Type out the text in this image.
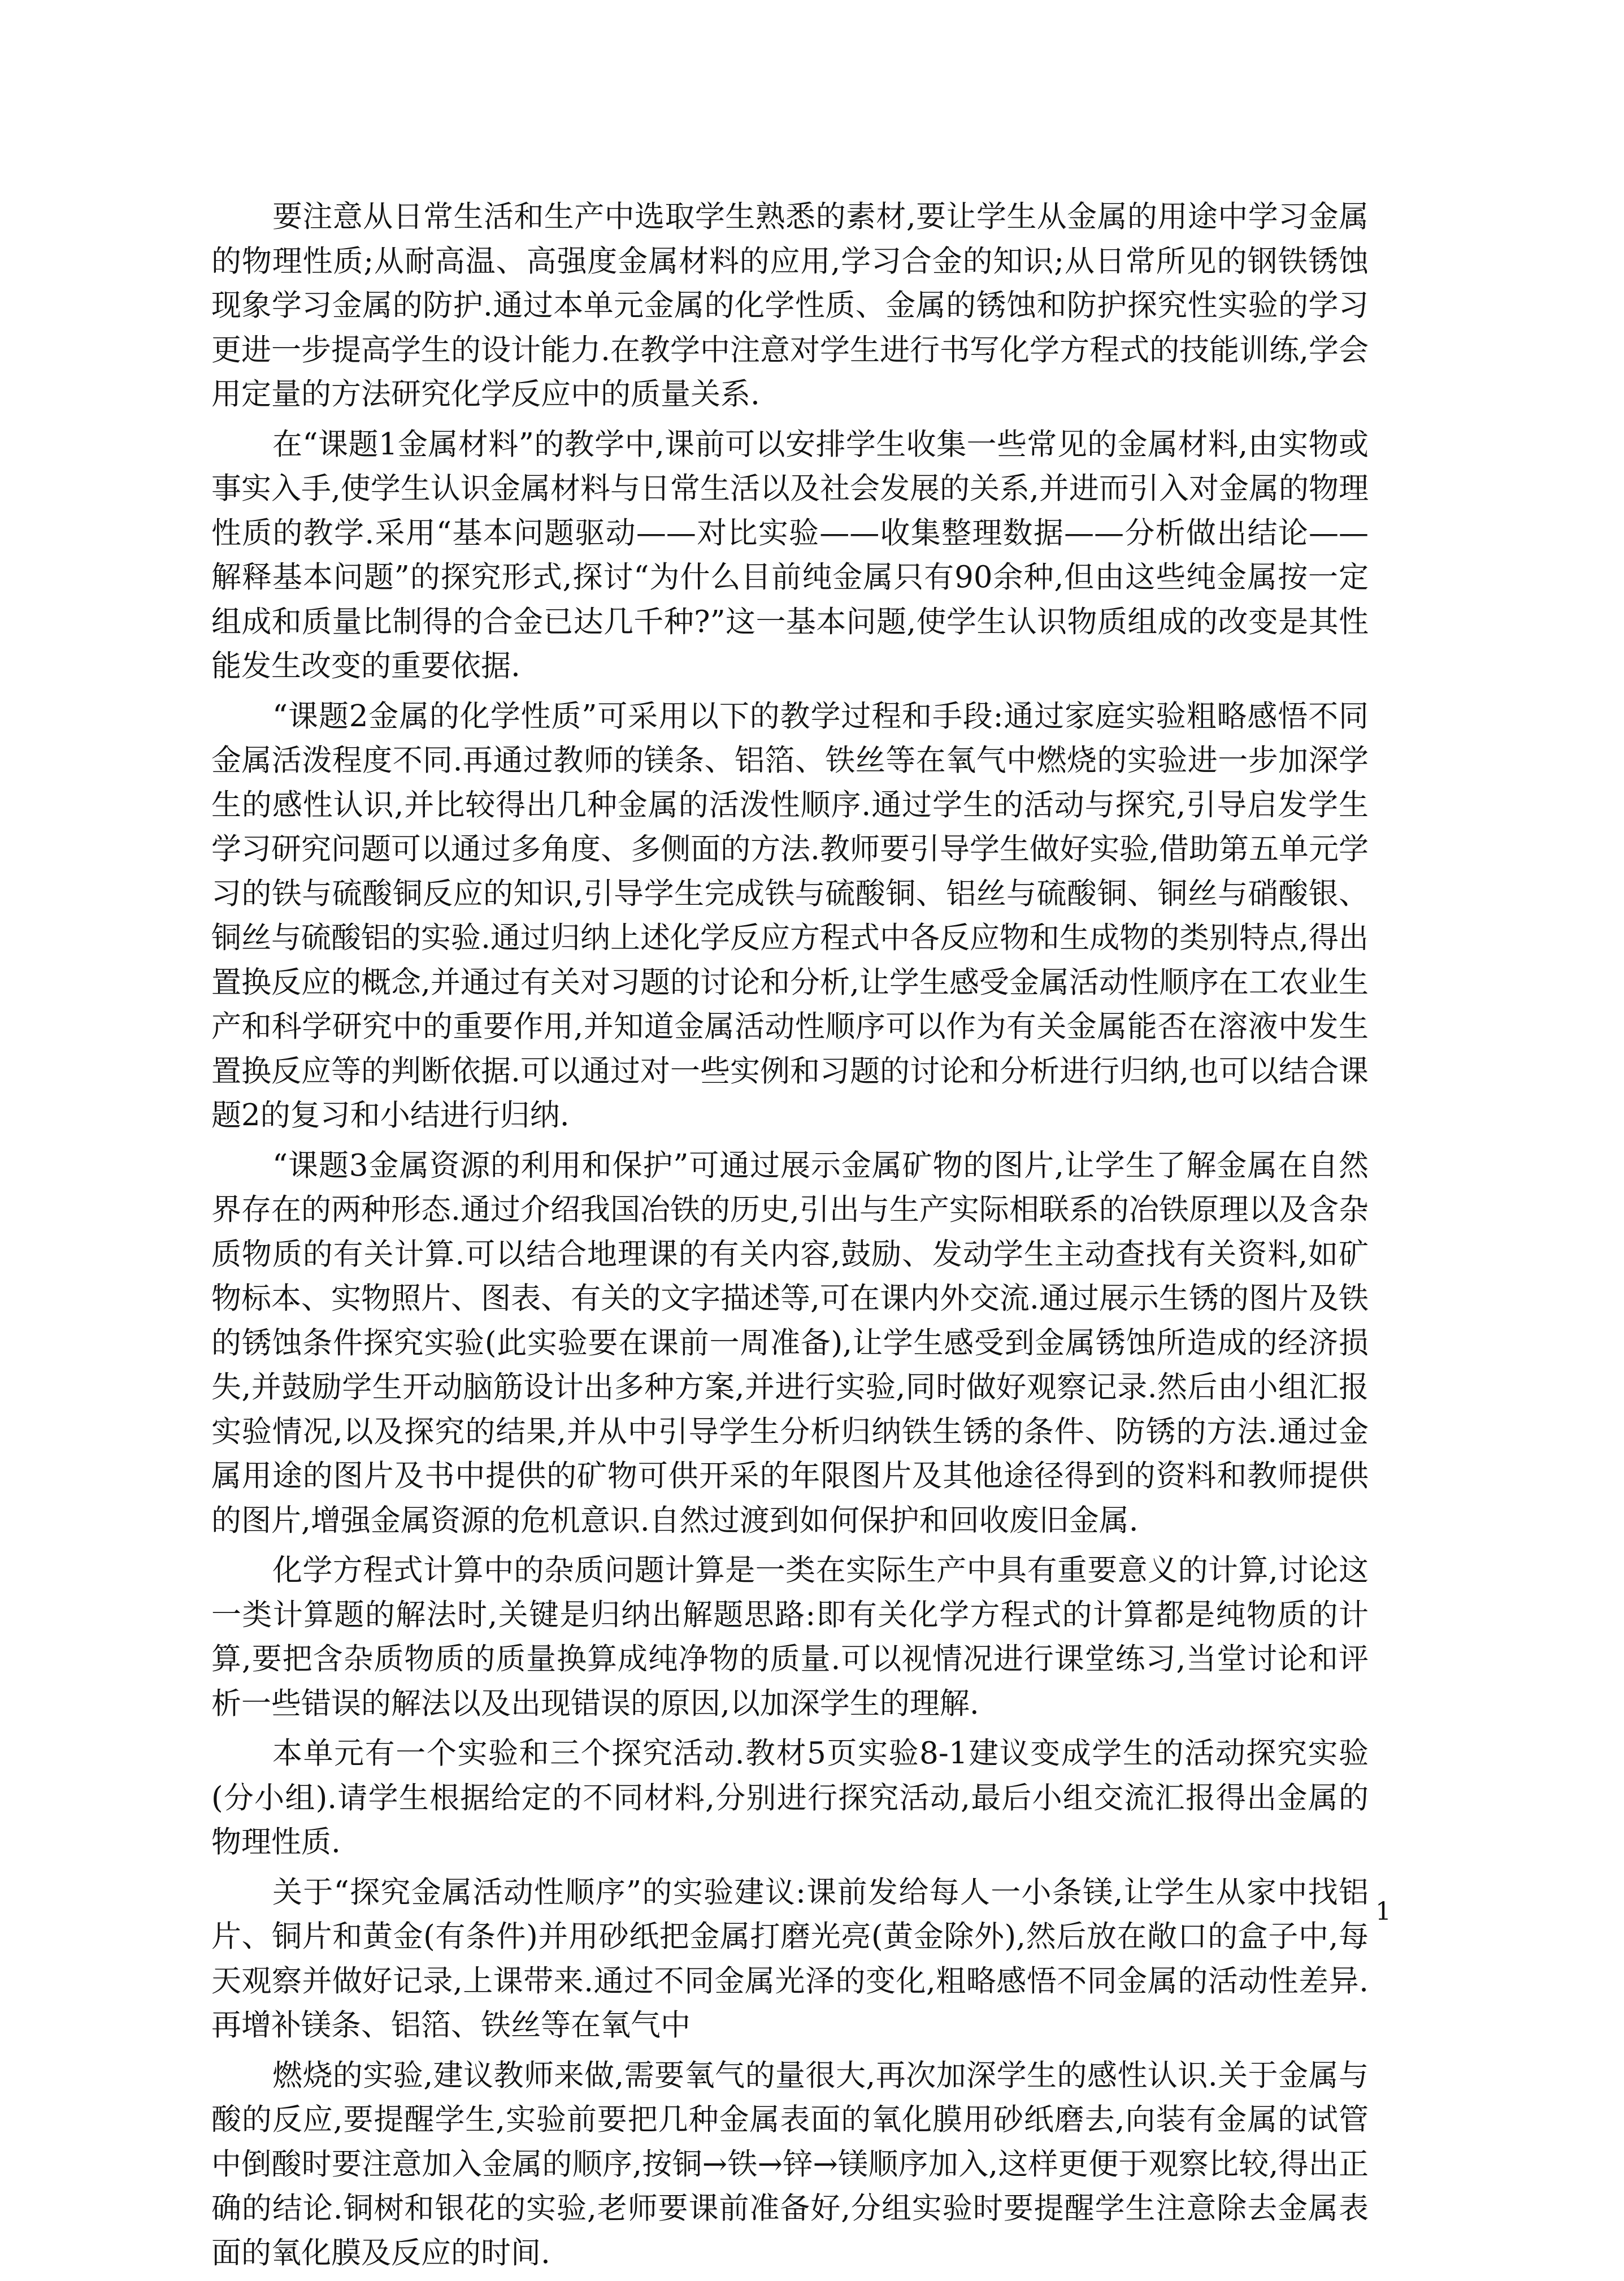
要注意从日常生活和生产中选取学生熟悉的素材,要让学生从金属的用途中学习金属的物理性质;从耐高温、高强度金属材料的应用,学习合金的知识;从日常所见的钢铁锈蚀现象学习金属的防护.通过本单元金属的化学性质、金属的锈蚀和防护探究性实验的学习更进一步提高学生的设计能力.在教学中注意对学生进行书写化学方程式的技能训练,学会用定量的方法研究化学反应中的质量关系.

在“课题1金属材料”的教学中,课前可以安排学生收集一些常见的金属材料,由实物或事实入手,使学生认识金属材料与日常生活以及社会发展的关系,并进而引入对金属的物理性质的教学.采用“基本问题驱动——对比实验——收集整理数据——分析做出结论——解释基本问题”的探究形式,探讨“为什么目前纯金属只有90余种,但由这些纯金属按一定组成和质量比制得的合金已达几千种?”这一基本问题,使学生认识物质组成的改变是其性能发生改变的重要依据.

“课题2金属的化学性质”可采用以下的教学过程和手段:通过家庭实验粗略感悟不同金属活泼程度不同.再通过教师的镁条、铝箔、铁丝等在氧气中燃烧的实验进一步加深学生的感性认识,并比较得出几种金属的活泼性顺序.通过学生的活动与探究,引导启发学生学习研究问题可以通过多角度、多侧面的方法.教师要引导学生做好实验,借助第五单元学习的铁与硫酸铜反应的知识,引导学生完成铁与硫酸铜、铝丝与硫酸铜、铜丝与硝酸银、铜丝与硫酸铝的实验.通过归纳上述化学反应方程式中各反应物和生成物的类别特点,得出置换反应的概念,并通过有关对习题的讨论和分析,让学生感受金属活动性顺序在工农业生产和科学研究中的重要作用,并知道金属活动性顺序可以作为有关金属能否在溶液中发生置换反应等的判断依据.可以通过对一些实例和习题的讨论和分析进行归纳,也可以结合课题2的复习和小结进行归纳.

“课题3金属资源的利用和保护”可通过展示金属矿物的图片,让学生了解金属在自然界存在的两种形态.通过介绍我国冶铁的历史,引出与生产实际相联系的冶铁原理以及含杂质物质的有关计算.可以结合地理课的有关内容,鼓励、发动学生主动查找有关资料,如矿物标本、实物照片、图表、有关的文字描述等,可在课内外交流.通过展示生锈的图片及铁的锈蚀条件探究实验(此实验要在课前一周准备),让学生感受到金属锈蚀所造成的经济损失,并鼓励学生开动脑筋设计出多种方案,并进行实验,同时做好观察记录.然后由小组汇报实验情况,以及探究的结果,并从中引导学生分析归纳铁生锈的条件、防锈的方法.通过金属用途的图片及书中提供的矿物可供开采的年限图片及其他途径得到的资料和教师提供的图片,增强金属资源的危机意识.自然过渡到如何保护和回收废旧金属.

化学方程式计算中的杂质问题计算是一类在实际生产中具有重要意义的计算,讨论这一类计算题的解法时,关键是归纳出解题思路:即有关化学方程式的计算都是纯物质的计算,要把含杂质物质的质量换算成纯净物的质量.可以视情况进行课堂练习,当堂讨论和评析一些错误的解法以及出现错误的原因,以加深学生的理解.

本单元有一个实验和三个探究活动.教材5页实验8-1建议变成学生的活动探究实验(分小组).请学生根据给定的不同材料,分别进行探究活动,最后小组交流汇报得出金属的物理性质.

关于“探究金属活动性顺序”的实验建议:课前发给每人一小条镁,让学生从家中找铝片、铜片和黄金(有条件)并用砂纸把金属打磨光亮(黄金除外),然后放在敞口的盒子中,每天观察并做好记录,上课带来.通过不同金属光泽的变化,粗略感悟不同金属的活动性差异.再增补镁条、铝箔、铁丝等在氧气中

燃烧的实验,建议教师来做,需要氧气的量很大,再次加深学生的感性认识.关于金属与酸的反应,要提醒学生,实验前要把几种金属表面的氧化膜用砂纸磨去,向装有金属的试管中倒酸时要注意加入金属的顺序,按铜→铁→锌→镁顺序加入,这样更便于观察比较,得出正确的结论.铜树和银花的实验,老师要课前准备好,分组实验时要提醒学生注意除去金属表面的氧化膜及反应的时间.

1
